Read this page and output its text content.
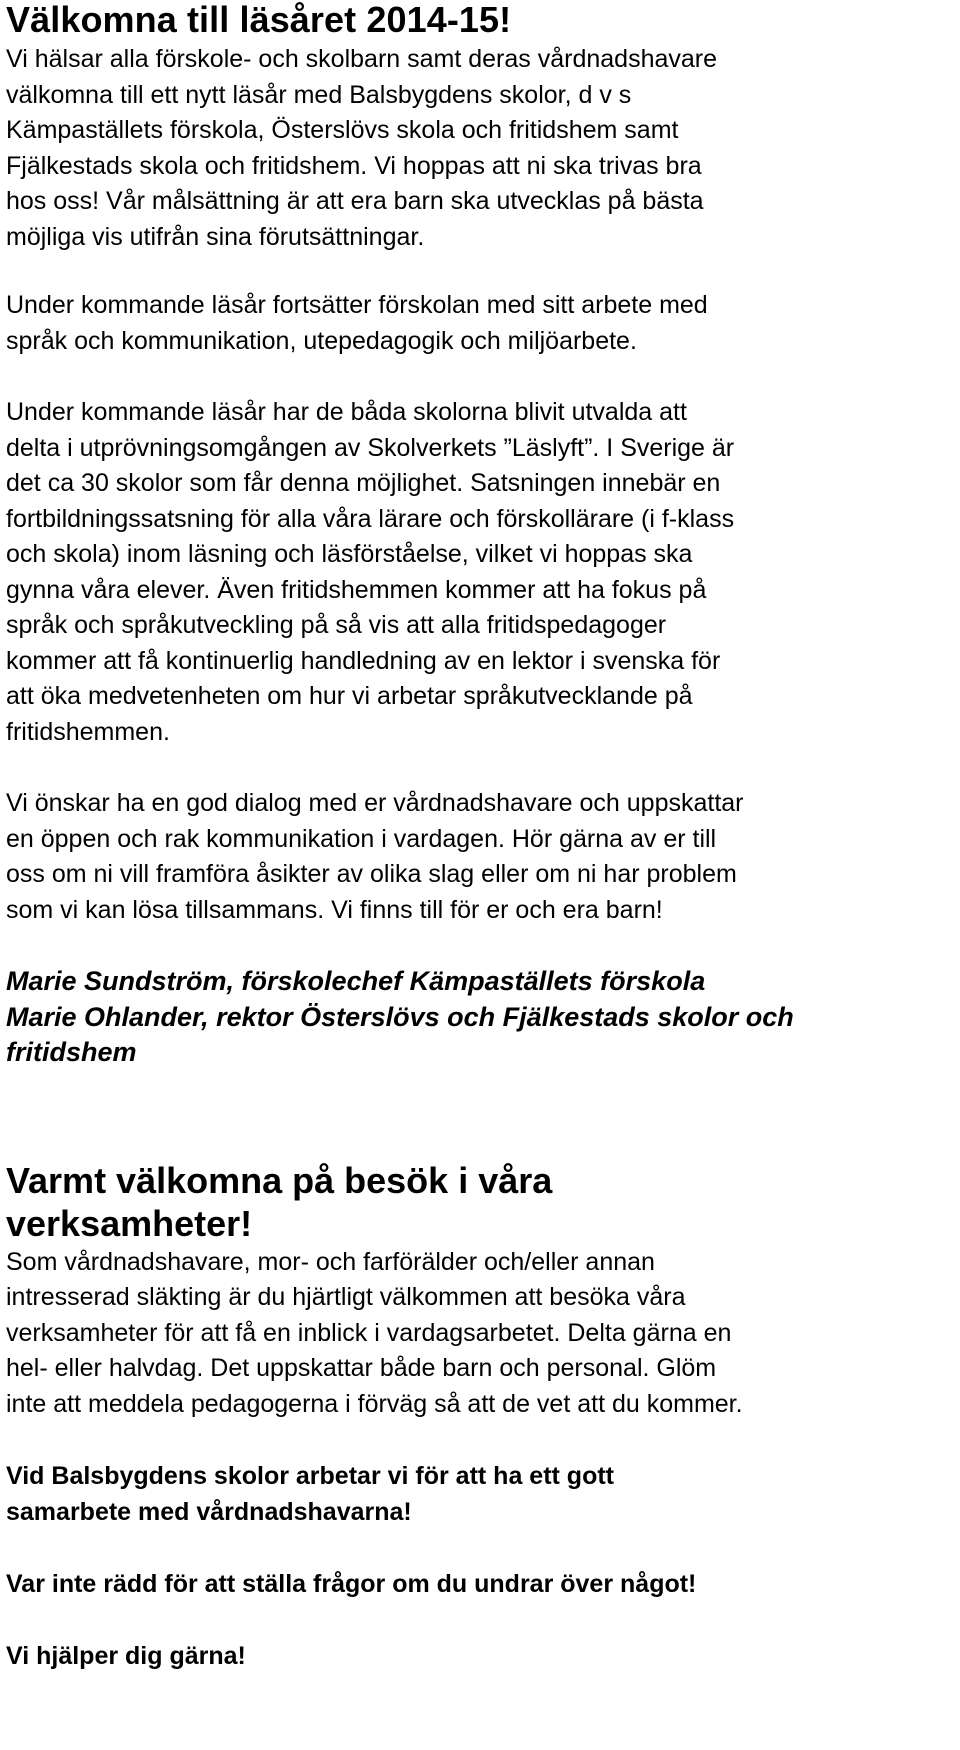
Välkomna till läsåret 2014-15!

Vi hälsar alla förskole- och skolbarn samt deras vårdnadshavare
välkomna till ett nytt läsår med Balsbygdens skolor, d v s
Kämpaställets förskola, Österslövs skola och fritidshem samt
Fjälkestads skola och fritidshem. Vi hoppas att ni ska trivas bra
hos oss! Vår målsättning är att era barn ska utvecklas på bästa
möjliga vis utifrån sina förutsättningar.

Under kommande läsår fortsätter förskolan med sitt arbete med
språk och kommunikation, utepedagogik och miljöarbete.

Under kommande läsår har de båda skolorna blivit utvalda att
delta i utprövningsomgången av Skolverkets ”Läslyft”. I Sverige är
det ca 30 skolor som får denna möjlighet. Satsningen innebär en
fortbildningssatsning för alla våra lärare och förskollärare (i f-klass
och skola) inom läsning och läsförståelse, vilket vi hoppas ska
gynna våra elever. Även fritidshemmen kommer att ha fokus på
språk och språkutveckling på så vis att alla fritidspedagoger
kommer att få kontinuerlig handledning av en lektor i svenska för
att öka medvetenheten om hur vi arbetar språkutvecklande på
fritidshemmen.

Vi önskar ha en god dialog med er vårdnadshavare och uppskattar
en öppen och rak kommunikation i vardagen. Hör gärna av er till
oss om ni vill framföra åsikter av olika slag eller om ni har problem
som vi kan lösa tillsammans. Vi finns till för er och era barn!

Marie Sundström, förskolechef Kämpaställets förskola
Marie Ohlander, rektor Österslövs och Fjälkestads skolor och
fritidshem

Varmt välkomna på besök i våra
verksamheter!

Som vårdnadshavare, mor- och farförälder och/eller annan
intresserad släkting är du hjärtligt välkommen att besöka våra
verksamheter för att få en inblick i vardagsarbetet. Delta gärna en
hel- eller halvdag. Det uppskattar både barn och personal. Glöm
inte att meddela pedagogerna i förväg så att de vet att du kommer.

Vid Balsbygdens skolor arbetar vi för att ha ett gott
samarbete med vårdnadshavarna!

Var inte rädd för att ställa frågor om du undrar över något!

Vi hjälper dig gärna!
